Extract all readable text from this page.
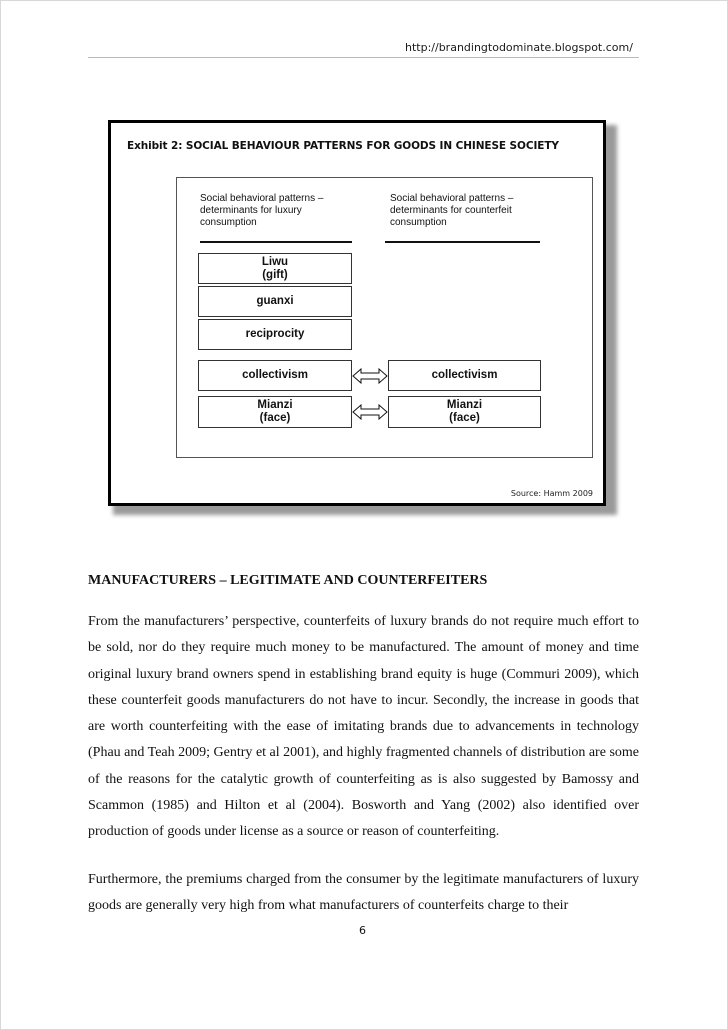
http://brandingtodominate.blogspot.com/
Exhibit 2: SOCIAL BEHAVIOUR PATTERNS FOR GOODS IN CHINESE SOCIETY
Social behavioral patterns – determinants for luxury consumption
Social behavioral patterns – determinants for counterfeit consumption
Liwu
(gift)
guanxi
reciprocity
collectivism
Mianzi
(face)
collectivism
Mianzi
(face)
Source: Hamm 2009
MANUFACTURERS – LEGITIMATE AND COUNTERFEITERS
From the manufacturers’ perspective, counterfeits of luxury brands do not require much effort to be sold, nor do they require much money to be manufactured. The amount of money and time original luxury brand owners spend in establishing brand equity is huge (Commuri 2009), which these counterfeit goods manufacturers do not have to incur. Secondly, the increase in goods that are worth counterfeiting with the ease of imitating brands due to advancements in technology (Phau and Teah 2009; Gentry et al 2001), and highly fragmented channels of distribution are some of the reasons for the catalytic growth of counterfeiting as is also suggested by Bamossy and Scammon (1985) and Hilton et al (2004). Bosworth and Yang (2002) also identified over production of goods under license as a source or reason of counterfeiting.
Furthermore, the premiums charged from the consumer by the legitimate manufacturers of luxury goods are generally very high from what manufacturers of counterfeits charge to their
6
